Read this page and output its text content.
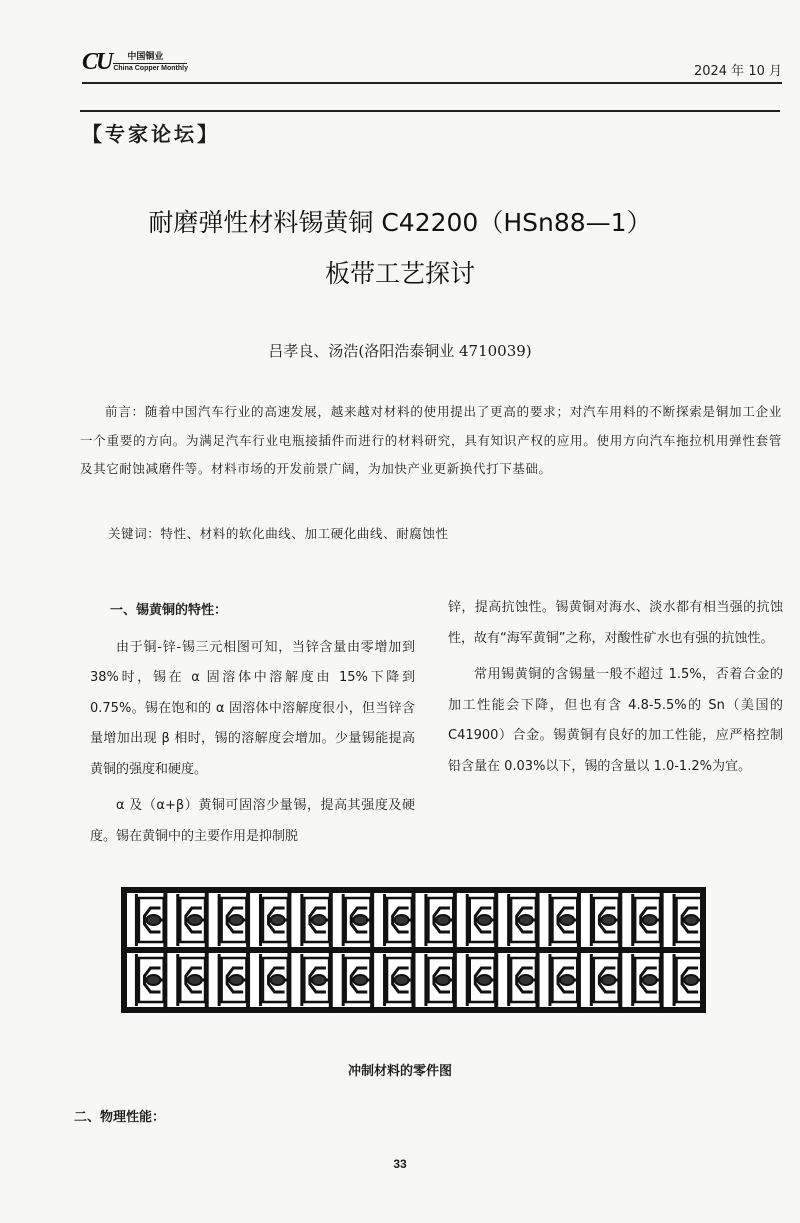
CU	中国铜业
China Copper Monthly	2024 年 10 月
【专家论坛】
耐磨弹性材料锡黄铜 C42200（HSn88—1）
板带工艺探讨
吕孝良、汤浩(洛阳浩泰铜业 4710039)

前言：随着中国汽车行业的高速发展，越来越对材料的使用提出了更高的要求；对汽车用料的不断探索是铜加工企业一个重要的方向。为满足汽车行业电瓶接插件而进行的材料研究，具有知识产权的应用。使用方向汽车拖拉机用弹性套管及其它耐蚀减磨件等。材料市场的开发前景广阔，为加快产业更新换代打下基础。

关键词：特性、材料的软化曲线、加工硬化曲线、耐腐蚀性

一、锡黄铜的特性：

由于铜-锌-锡三元相图可知，当锌含量由零增加到 38%时，锡在 α 固溶体中溶解度由 15%下降到 0.75%。锡在饱和的 α 固溶体中溶解度很小，但当锌含量增加出现 β 相时，锡的溶解度会增加。少量锡能提高黄铜的强度和硬度。

α 及（α+β）黄铜可固溶少量锡，提高其强度及硬度。锡在黄铜中的主要作用是抑制脱

锌，提高抗蚀性。锡黄铜对海水、淡水都有相当强的抗蚀性，故有“海军黄铜”之称，对酸性矿水也有强的抗蚀性。

常用锡黄铜的含锡量一般不超过 1.5%，否着合金的加工性能会下降，但也有含 4.8-5.5%的 Sn（美国的 C41900）合金。锡黄铜有良好的加工性能，应严格控制铅含量在 0.03%以下，锡的含量以 1.0-1.2%为宜。

冲制材料的零件图
二、物理性能：
33
